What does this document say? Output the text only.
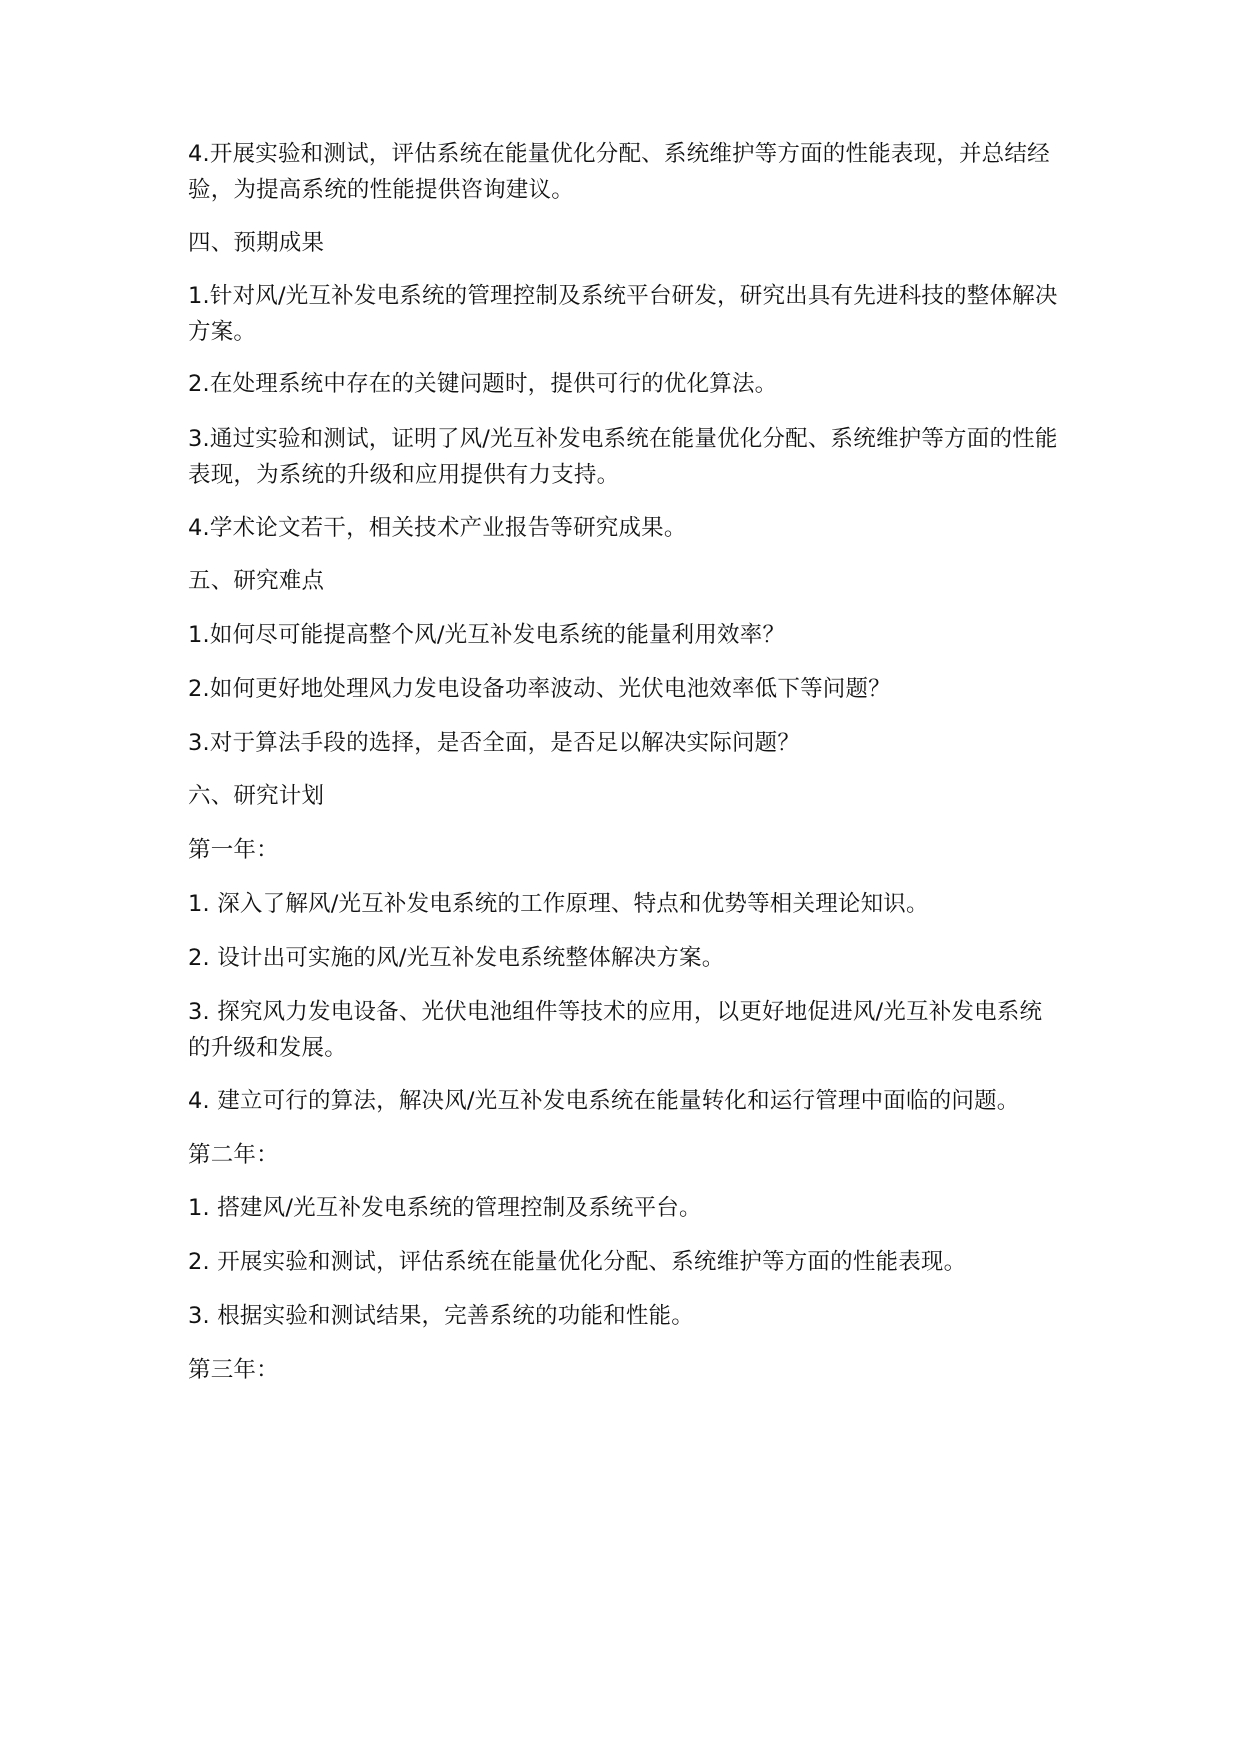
4.开展实验和测试，评估系统在能量优化分配、系统维护等方面的性能表现，并总结经验，为提高系统的性能提供咨询建议。
四、预期成果
1.针对风/光互补发电系统的管理控制及系统平台研发，研究出具有先进科技的整体解决方案。
2.在处理系统中存在的关键问题时，提供可行的优化算法。
3.通过实验和测试，证明了风/光互补发电系统在能量优化分配、系统维护等方面的性能表现，为系统的升级和应用提供有力支持。
4.学术论文若干，相关技术产业报告等研究成果。
五、研究难点
1.如何尽可能提高整个风/光互补发电系统的能量利用效率？
2.如何更好地处理风力发电设备功率波动、光伏电池效率低下等问题？
3.对于算法手段的选择，是否全面，是否足以解决实际问题？
六、研究计划
第一年：
1. 深入了解风/光互补发电系统的工作原理、特点和优势等相关理论知识。
2. 设计出可实施的风/光互补发电系统整体解决方案。
3. 探究风力发电设备、光伏电池组件等技术的应用，以更好地促进风/光互补发电系统的升级和发展。
4. 建立可行的算法，解决风/光互补发电系统在能量转化和运行管理中面临的问题。
第二年：
1. 搭建风/光互补发电系统的管理控制及系统平台。
2. 开展实验和测试，评估系统在能量优化分配、系统维护等方面的性能表现。
3. 根据实验和测试结果，完善系统的功能和性能。
第三年：
